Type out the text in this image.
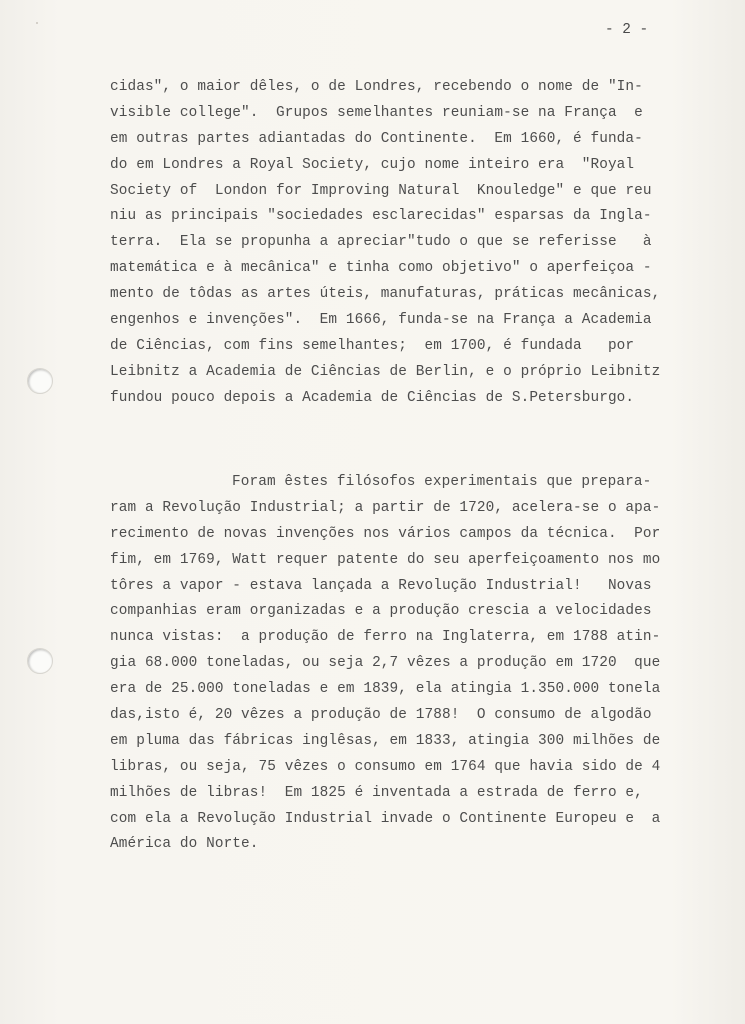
- 2 -
cidas", o maior dêles, o de Londres, recebendo o nome de "In-
visible college".  Grupos semelhantes reuniam-se na França  e
em outras partes adiantadas do Continente.  Em 1660, é funda-
do em Londres a Royal Society, cujo nome inteiro era  "Royal
Society of  London for Improving Natural  Knouledge" e que reu
niu as principais "sociedades esclarecidas" esparsas da Ingla-
terra.  Ela se propunha a apreciar"tudo o que se referisse   à
matemática e à mecânica" e tinha como objetivo" o aperfeiçoa -
mento de tôdas as artes úteis, manufaturas, práticas mecânicas,
engenhos e invenções".  Em 1666, funda-se na França a Academia
de Ciências, com fins semelhantes;  em 1700, é fundada   por
Leibnitz a Academia de Ciências de Berlin, e o próprio Leibnitz
fundou pouco depois a Academia de Ciências de S.Petersburgo.
Foram êstes filósofos experimentais que prepara-
ram a Revolução Industrial; a partir de 1720, acelera-se o apa-
recimento de novas invenções nos vários campos da técnica.  Por
fim, em 1769, Watt requer patente do seu aperfeiçoamento nos mo
tôres a vapor - estava lançada a Revolução Industrial!   Novas
companhias eram organizadas e a produção crescia a velocidades
nunca vistas:  a produção de ferro na Inglaterra, em 1788 atin-
gia 68.000 toneladas, ou seja 2,7 vêzes a produção em 1720  que
era de 25.000 toneladas e em 1839, ela atingia 1.350.000 tonela
das,isto é, 20 vêzes a produção de 1788!  O consumo de algodão
em pluma das fábricas inglêsas, em 1833, atingia 300 milhões de
libras, ou seja, 75 vêzes o consumo em 1764 que havia sido de 4
milhões de libras!  Em 1825 é inventada a estrada de ferro e,
com ela a Revolução Industrial invade o Continente Europeu e  a
América do Norte.
